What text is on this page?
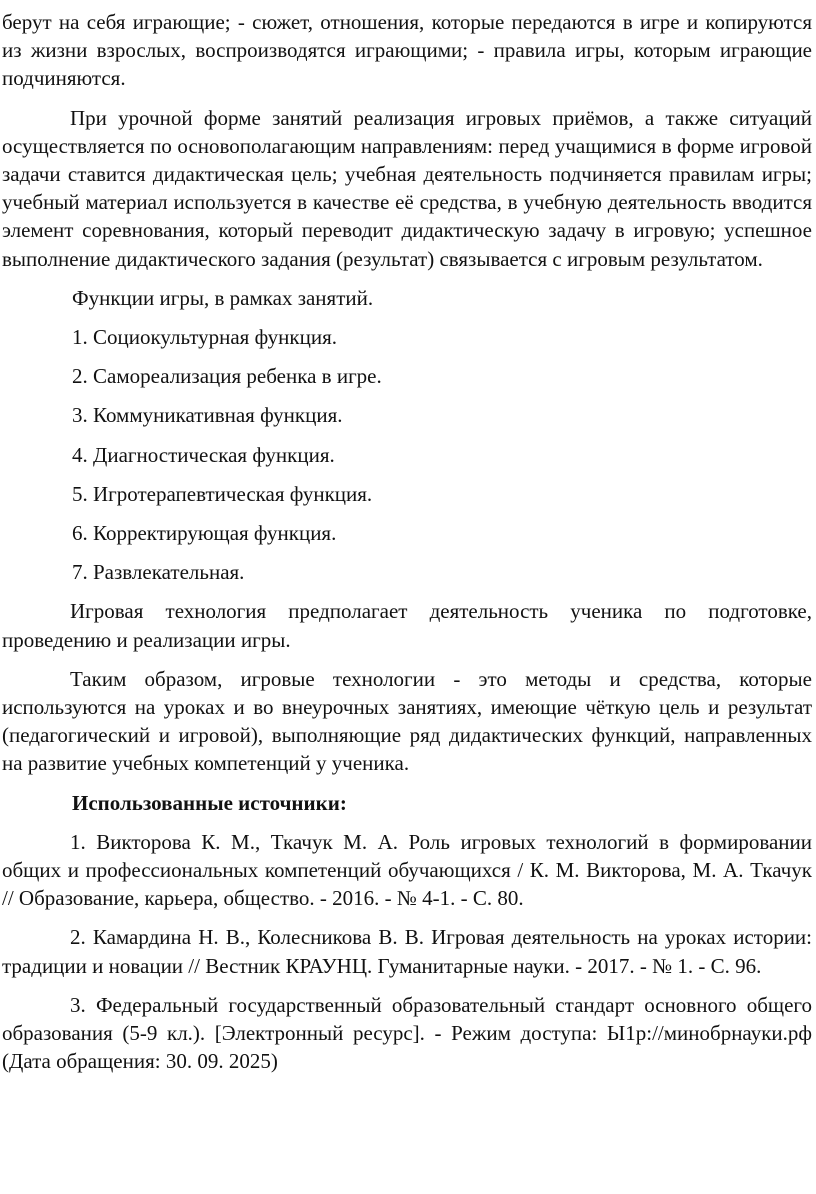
берут на себя играющие; - сюжет, отношения, которые передаются в игре и копируются из жизни взрослых, воспроизводятся играющими; - правила игры, которым играющие подчиняются.

При урочной форме занятий реализация игровых приёмов, а также ситуаций осуществляется по основополагающим направлениям: перед учащимися в форме игровой задачи ставится дидактическая цель; учебная деятельность подчиняется правилам игры; учебный материал используется в качестве её средства, в учебную деятельность вводится элемент соревнования, который переводит дидактическую задачу в игровую; успешное выполнение дидактического задания (результат) связывается с игровым результатом.

Функции игры, в рамках занятий.

1. Социокультурная функция.

2. Самореализация ребенка в игре.

3. Коммуникативная функция.

4. Диагностическая функция.

5. Игротерапевтическая функция.

6. Корректирующая функция.

7. Развлекательная.

Игровая технология предполагает деятельность ученика по подготовке, проведению и реализации игры.

Таким образом, игровые технологии - это методы и средства, которые используются на уроках и во внеурочных занятиях, имеющие чёткую цель и результат (педагогический и игровой), выполняющие ряд дидактических функций, направленных на развитие учебных компетенций у ученика.

Использованные источники:

1. Викторова К. М., Ткачук М. А. Роль игровых технологий в формировании общих и профессиональных компетенций обучающихся / К. М. Викторова, М. А. Ткачук // Образование, карьера, общество. - 2016. - № 4-1. - С. 80.

2. Камардина Н. В., Колесникова В. В. Игровая деятельность на уроках истории: традиции и новации // Вестник КРАУНЦ. Гуманитарные науки. - 2017. - № 1. - С. 96.

3. Федеральный государственный образовательный стандарт основного общего образования (5-9 кл.). [Электронный ресурс]. - Режим доступа: Ы1р://минобрнауки.рф (Дата обращения: 30. 09. 2025)
